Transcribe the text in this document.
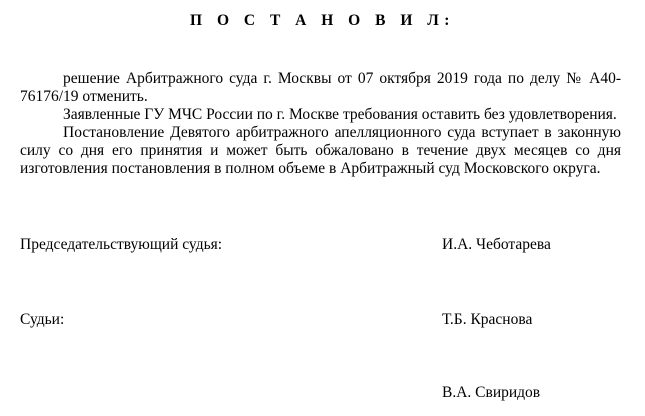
П О С Т А Н О В И Л:

решение Арбитражного суда г. Москвы от 07 октября 2019 года по делу № А40-76176/19 отменить.

Заявленные ГУ МЧС России по г. Москве требования оставить без удовлетворения.

Постановление Девятого арбитражного апелляционного суда вступает в законную силу со дня его принятия и может быть обжаловано в течение двух месяцев со дня изготовления постановления в полном объеме в Арбитражный суд Московского округа.

Председательствующий судья:	И.А. Чеботарева
Судьи:	Т.Б. Краснова
В.А. Свиридов
